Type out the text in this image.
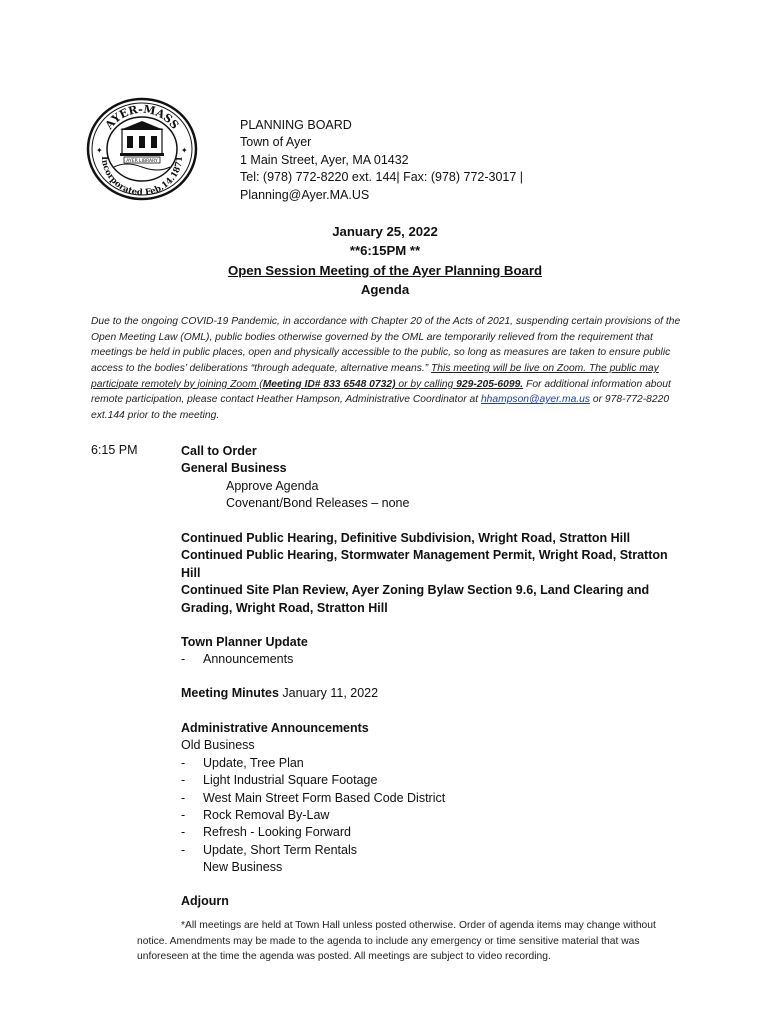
AYER-MASS
Incorporated Feb.14.1871
AYER LIBRARY
✦	✦
PLANNING BOARD
Town of Ayer
1 Main Street, Ayer, MA 01432
Tel: (978) 772-8220 ext. 144| Fax: (978) 772-3017 |
Planning@Ayer.MA.US
January 25, 2022
**6:15PM **
Open Session Meeting of the Ayer Planning Board
Agenda
Due to the ongoing COVID-19 Pandemic, in accordance with Chapter 20 of the Acts of 2021, suspending certain provisions of the Open Meeting Law (OML), public bodies otherwise governed by the OML are temporarily relieved from the requirement that meetings be held in public places, open and physically accessible to the public, so long as measures are taken to ensure public access to the bodies’ deliberations “through adequate, alternative means.” This meeting will be live on Zoom. The public may participate remotely by joining Zoom (Meeting ID# 833 6548 0732) or by calling 929-205-6099. For additional information about remote participation, please contact Heather Hampson, Administrative Coordinator at hhampson@ayer.ma.us or 978-772-8220 ext.144 prior to the meeting.
6:15 PM	Call to Order
General Business
Approve Agenda
Covenant/Bond Releases – none
Continued Public Hearing, Definitive Subdivision, Wright Road, Stratton Hill
Continued Public Hearing, Stormwater Management Permit, Wright Road, Stratton Hill
Continued Site Plan Review, Ayer Zoning Bylaw Section 9.6, Land Clearing and Grading, Wright Road, Stratton Hill
Town Planner Update
- Announcements
Meeting Minutes January 11, 2022
Administrative Announcements
Old Business
- Update, Tree Plan
- Light Industrial Square Footage
- West Main Street Form Based Code District
- Rock Removal By-Law
- Refresh - Looking Forward
- Update, Short Term Rentals
New Business
Adjourn
*All meetings are held at Town Hall unless posted otherwise. Order of agenda items may change without notice. Amendments may be made to the agenda to include any emergency or time sensitive material that was unforeseen at the time the agenda was posted. All meetings are subject to video recording.
